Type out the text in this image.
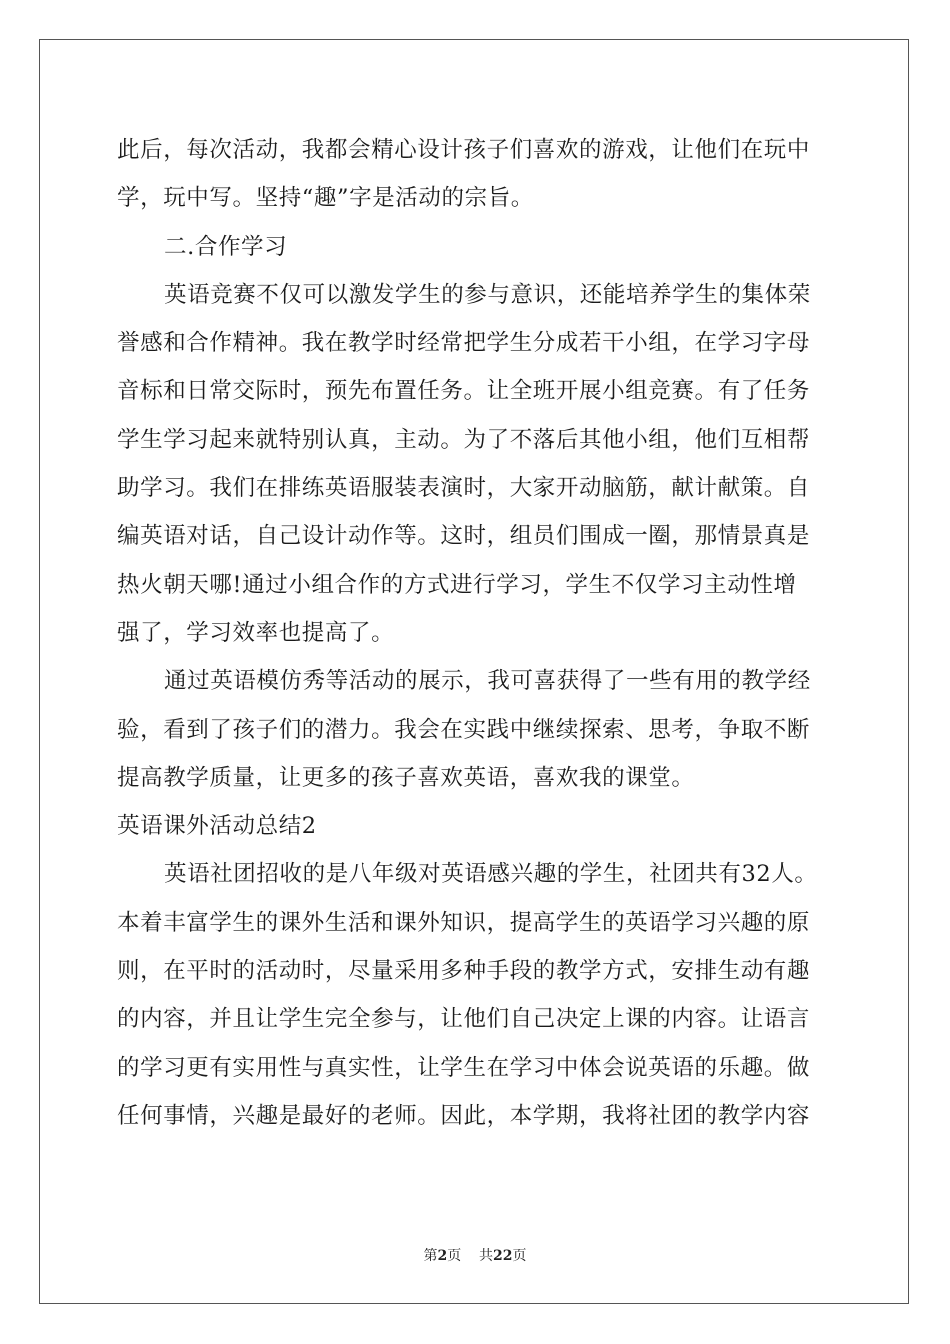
此后，每次活动，我都会精心设计孩子们喜欢的游戏，让他们在玩中

学，玩中写。坚持“趣”字是活动的宗旨。

二.合作学习

英语竞赛不仅可以激发学生的参与意识，还能培养学生的集体荣

誉感和合作精神。我在教学时经常把学生分成若干小组，在学习字母

音标和日常交际时，预先布置任务。让全班开展小组竞赛。有了任务

学生学习起来就特别认真，主动。为了不落后其他小组，他们互相帮

助学习。我们在排练英语服装表演时，大家开动脑筋，献计献策。自

编英语对话，自己设计动作等。这时，组员们围成一圈，那情景真是

热火朝天哪!通过小组合作的方式进行学习，学生不仅学习主动性增

强了，学习效率也提高了。

通过英语模仿秀等活动的展示，我可喜获得了一些有用的教学经

验，看到了孩子们的潜力。我会在实践中继续探索、思考，争取不断

提高教学质量，让更多的孩子喜欢英语，喜欢我的课堂。

英语课外活动总结2

英语社团招收的是八年级对英语感兴趣的学生，社团共有32人。

本着丰富学生的课外生活和课外知识，提高学生的英语学习兴趣的原

则，在平时的活动时，尽量采用多种手段的教学方式，安排生动有趣

的内容，并且让学生完全参与，让他们自己决定上课的内容。让语言

的学习更有实用性与真实性，让学生在学习中体会说英语的乐趣。做

任何事情，兴趣是最好的老师。因此，本学期，我将社团的教学内容

第2页 共22页
